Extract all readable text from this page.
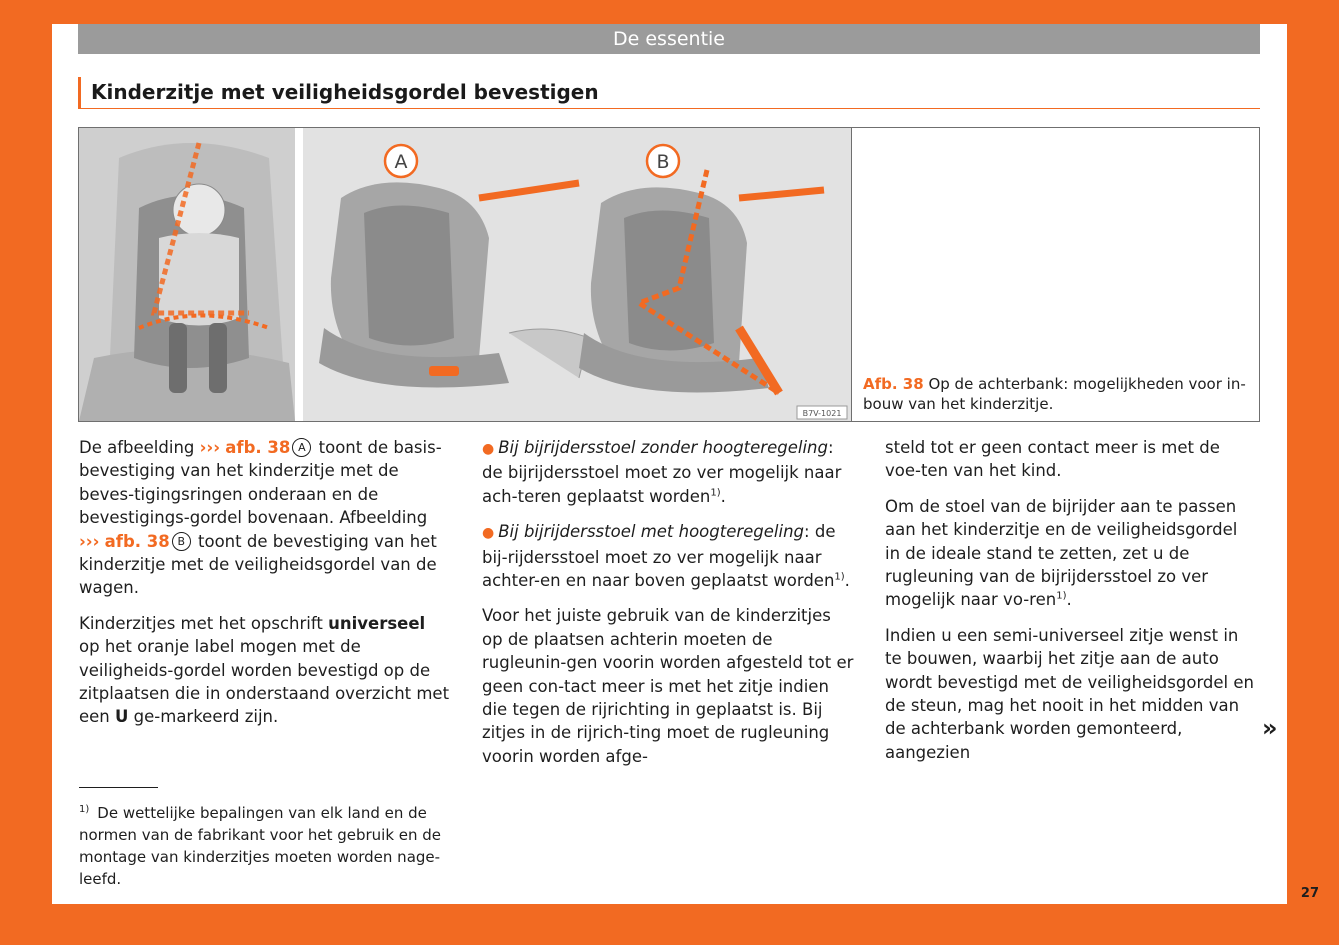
De essentie
Kinderzitje met veiligheidsgordel bevestigen
A	B
B7V-1021
Afb. 38 Op de achterbank: mogelijkheden voor in-
bouw van het kinderzitje.

De afbeelding ››› afb. 38 A toont de basis-bevestiging van het kinderzitje met de beves-tigingsringen onderaan en de bevestigings-gordel bovenaan. Afbeelding ››› afb. 38 B toont de bevestiging van het kinderzitje met de veiligheidsgordel van de wagen.

Kinderzitjes met het opschrift universeel op het oranje label mogen met de veiligheids-gordel worden bevestigd op de zitplaatsen die in onderstaand overzicht met een U ge-markeerd zijn.

● Bij bijrijdersstoel zonder hoogteregeling: de bijrijdersstoel moet zo ver mogelijk naar ach-teren geplaatst worden$^{1)}$.

● Bij bijrijdersstoel met hoogteregeling: de bij-rijdersstoel moet zo ver mogelijk naar achter-en en naar boven geplaatst worden$^{1)}$.

Voor het juiste gebruik van de kinderzitjes op de plaatsen achterin moeten de rugleunin-gen voorin worden afgesteld tot er geen con-tact meer is met het zitje indien die tegen de rijrichting in geplaatst is. Bij zitjes in de rijrich-ting moet de rugleuning voorin worden afge-

steld tot er geen contact meer is met de voe-ten van het kind.

Om de stoel van de bijrijder aan te passen aan het kinderzitje en de veiligheidsgordel in de ideale stand te zetten, zet u de rugleuning van de bijrijdersstoel zo ver mogelijk naar vo-ren$^{1)}$.

Indien u een semi-universeel zitje wenst in te bouwen, waarbij het zitje aan de auto wordt bevestigd met de veiligheidsgordel en de steun, mag het nooit in het midden van de achterbank worden gemonteerd, aangezien

»
$^{1)}$ De wettelijke bepalingen van elk land en de normen van de fabrikant voor het gebruik en de montage van kinderzitjes moeten worden nage-leefd.
27
